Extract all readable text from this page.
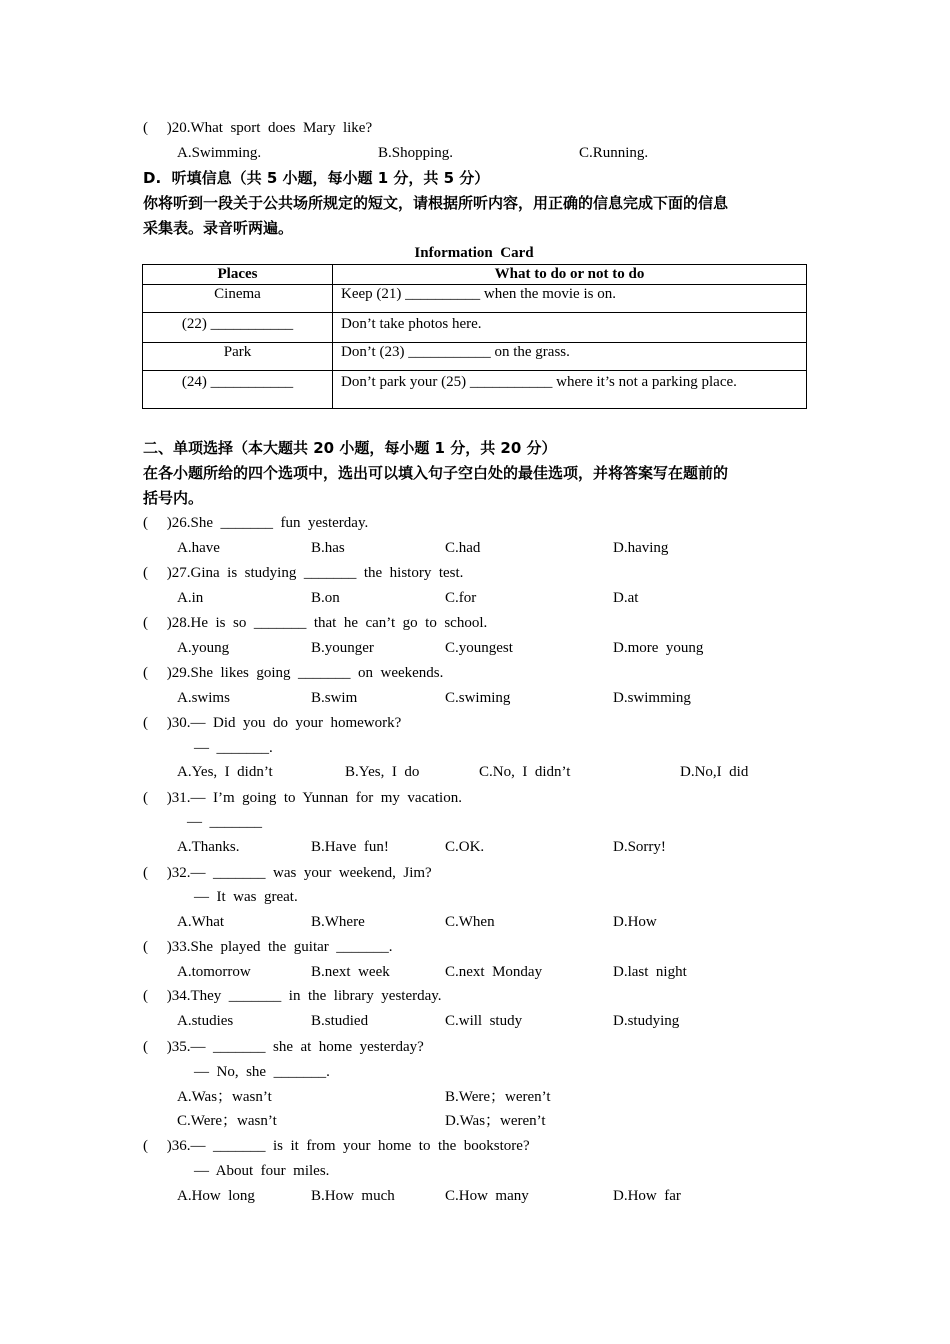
(     )20.What  sport  does  Mary  like?
A.Swimming.	B.Shopping.	C.Running.
D.  听填信息（共 5 小题，每小题 1 分，共 5 分）
你将听到一段关于公共场所规定的短文，请根据所听内容，用正确的信息完成下面的信息
采集表。录音听两遍。
Information  Card
Places	What to do or not to do
Cinema	Keep (21) __________ when the movie is on.
(22) ___________	Don’t take photos here.
Park	Don’t (23) ___________ on the grass.
(24) ___________	Don’t park your (25) ___________ where it’s not a parking place.
二、单项选择（本大题共 20 小题，每小题 1 分，共 20 分）
在各小题所给的四个选项中，选出可以填入句子空白处的最佳选项，并将答案写在题前的
括号内。
(     )26.She  _______  fun  yesterday.
A.have	B.has	C.had	D.having
(     )27.Gina  is  studying  _______  the  history  test.
A.in	B.on	C.for	D.at
(     )28.He  is  so  _______  that  he  can’t  go  to  school.
A.young	B.younger	C.youngest	D.more  young
(     )29.She  likes  going  _______  on  weekends.
A.swims	B.swim	C.swiming	D.swimming
(     )30.—  Did  you  do  your  homework?
—  _______.
A.Yes,  I  didn’t	B.Yes,  I  do	C.No,  I  didn’t	D.No,I  did
(     )31.—  I’m  going  to  Yunnan  for  my  vacation.
—  _______
A.Thanks.	B.Have  fun!	C.OK.	D.Sorry!
(     )32.—  _______  was  your  weekend,  Jim?
—  It  was  great.
A.What	B.Where	C.When	D.How
(     )33.She  played  the  guitar  _______.
A.tomorrow	B.next  week	C.next  Monday	D.last  night
(     )34.They  _______  in  the  library  yesterday.
A.studies	B.studied	C.will  study	D.studying
(     )35.—  _______  she  at  home  yesterday?
—  No,  she  _______.
A.Was；wasn’t	B.Were；weren’t
C.Were；wasn’t	D.Was；weren’t
(     )36.—  _______  is  it  from  your  home  to  the  bookstore?
—  About  four  miles.
A.How  long	B.How  much	C.How  many	D.How  far
